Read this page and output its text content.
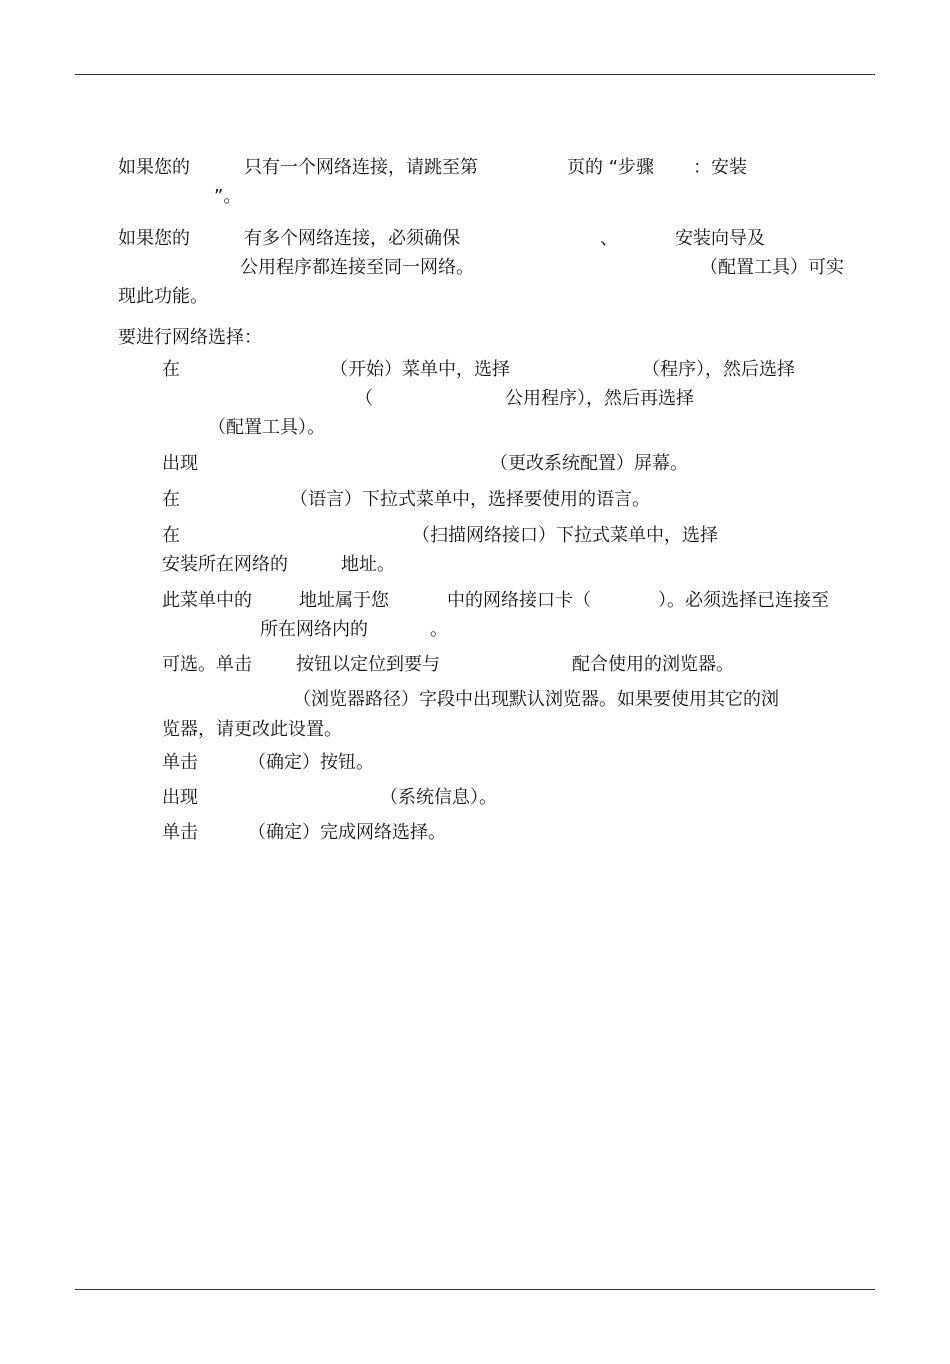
如果您的	只有一个网络连接，请跳至第	页的 “步骤 ：安装
”。
如果您的	有多个网络连接，必须确保	、	安装向导及
公用程序都连接至同一网络。	（配置工具）可实
现此功能。
要进行网络选择：
在	（开始）菜单中，选择	（程序），然后选择
（	公用程序），然后再选择
（配置工具）。
出现	（更改系统配置）屏幕。
在	（语言）下拉式菜单中，选择要使用的语言。
在	（扫描网络接口）下拉式菜单中，选择
安装所在网络的	地址。
此菜单中的	地址属于您	中的网络接口卡（	）。必须选择已连接至
所在网络内的	。
可选。单击 按钮以定位到要与	配合使用的浏览器。
（浏览器路径）字段中出现默认浏览器。如果要使用其它的浏
览器，请更改此设置。
单击	（确定）按钮。
出现	（系统信息）。
单击	（确定）完成网络选择。
